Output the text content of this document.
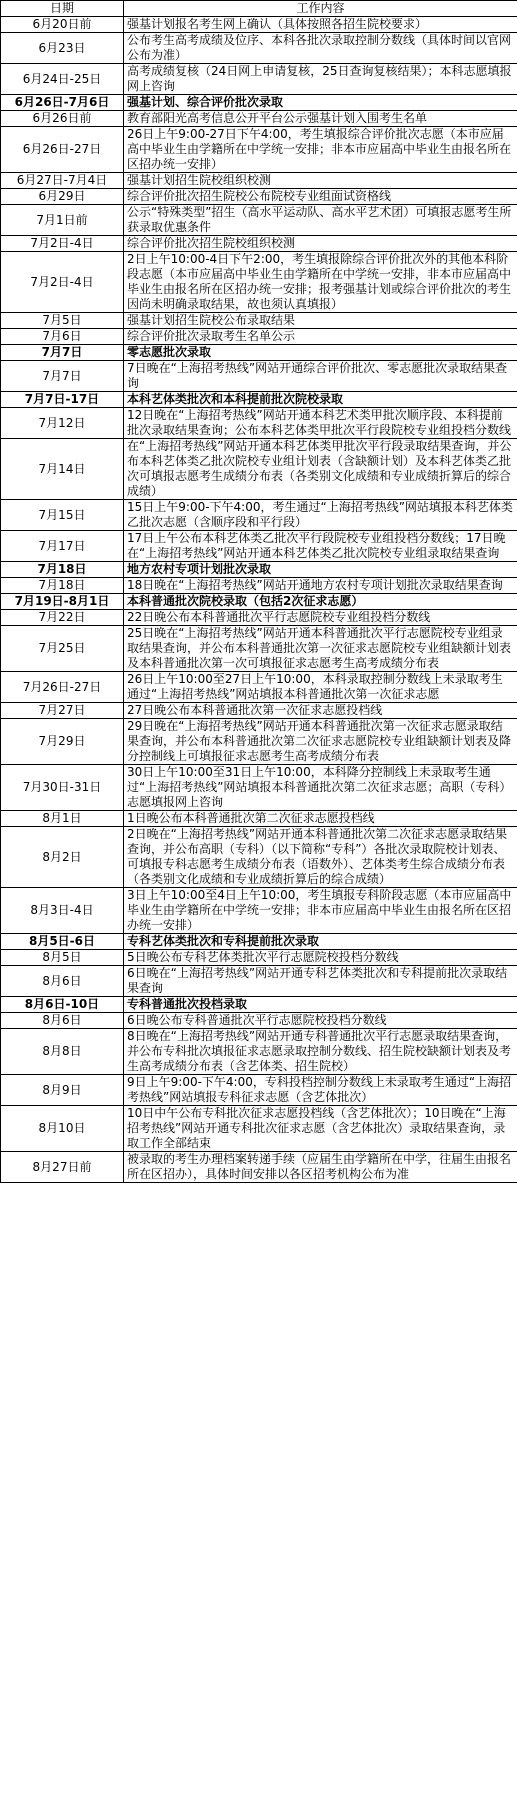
日期	工作内容
6月20日前	强基计划报名考生网上确认（具体按照各招生院校要求）
6月23日	公布考生高考成绩及位序、本科各批次录取控制分数线（具体时间以官网公布为准）
6月24日-25日	高考成绩复核（24日网上申请复核，25日查询复核结果）；本科志愿填报网上咨询
6月26日-7月6日	强基计划、综合评价批次录取
6月26日前	教育部阳光高考信息公开平台公示强基计划入围考生名单
6月26日-27日	26日上午9:00-27日下午4:00，考生填报综合评价批次志愿（本市应届高中毕业生由学籍所在中学统一安排；非本市应届高中毕业生由报名所在区招办统一安排）
6月27日-7月4日	强基计划招生院校组织校测
6月29日	综合评价批次招生院校公布院校专业组面试资格线
7月1日前	公示“特殊类型”招生（高水平运动队、高水平艺术团）可填报志愿考生所获录取优惠条件
7月2日-4日	综合评价批次招生院校组织校测
7月2日-4日	2日上午10:00-4日下午2:00，考生填报除综合评价批次外的其他本科阶段志愿（本市应届高中毕业生由学籍所在中学统一安排，非本市应届高中毕业生由报名所在区招办统一安排；报考强基计划或综合评价批次的考生因尚未明确录取结果，故也须认真填报）
7月5日	强基计划招生院校公布录取结果
7月6日	综合评价批次录取考生名单公示
7月7日	零志愿批次录取
7月7日	7日晚在“上海招考热线”网站开通综合评价批次、零志愿批次录取结果查询
7月7日-17日	本科艺体类批次和本科提前批次院校录取
7月12日	12日晚在“上海招考热线”网站开通本科艺术类甲批次顺序段、本科提前批次录取结果查询；公布本科艺体类甲批次平行段院校专业组投档分数线
7月14日	在“上海招考热线”网站开通本科艺体类甲批次平行段录取结果查询，并公布本科艺体类乙批次院校专业组计划表（含缺额计划）及本科艺体类乙批次可填报志愿考生成绩分布表（各类别文化成绩和专业成绩折算后的综合成绩）
7月15日	15日上午9:00-下午4:00，考生通过“上海招考热线”网站填报本科艺体类乙批次志愿（含顺序段和平行段）
7月17日	17日上午公布本科艺体类乙批次平行段院校专业组投档分数线；17日晚在“上海招考热线”网站开通本科艺体类乙批次院校专业组录取结果查询
7月18日	地方农村专项计划批次录取
7月18日	18日晚在“上海招考热线”网站开通地方农村专项计划批次录取结果查询
7月19日-8月1日	本科普通批次院校录取（包括2次征求志愿）
7月22日	22日晚公布本科普通批次平行志愿院校专业组投档分数线
7月25日	25日晚在“上海招考热线”网站开通本科普通批次平行志愿院校专业组录取结果查询，并公布本科普通批次第一次征求志愿院校专业组缺额计划表及本科普通批次第一次可填报征求志愿考生高考成绩分布表
7月26日-27日	26日上午10:00至27日上午10:00，本科录取控制分数线上未录取考生通过“上海招考热线”网站填报本科普通批次第一次征求志愿
7月27日	27日晚公布本科普通批次第一次征求志愿投档线
7月29日	29日晚在“上海招考热线”网站开通本科普通批次第一次征求志愿录取结果查询，并公布本科普通批次第二次征求志愿院校专业组缺额计划表及降分控制线上可填报征求志愿考生高考成绩分布表
7月30日-31日	30日上午10:00至31日上午10:00，本科降分控制线上未录取考生通过“上海招考热线”网站填报本科普通批次第二次征求志愿；高职（专科）志愿填报网上咨询
8月1日	1日晚公布本科普通批次第二次征求志愿投档线
8月2日	2日晚在“上海招考热线”网站开通本科普通批次第二次征求志愿录取结果查询，并公布高职（专科）（以下简称“专科”）各批次录取院校计划表、可填报专科志愿考生成绩分布表（语数外）、艺体类考生综合成绩分布表（各类别文化成绩和专业成绩折算后的综合成绩）
8月3日-4日	3日上午10:00至4日上午10:00，考生填报专科阶段志愿（本市应届高中毕业生由学籍所在中学统一安排；非本市应届高中毕业生由报名所在区招办统一安排）
8月5日-6日	专科艺体类批次和专科提前批次录取
8月5日	5日晚公布专科艺体类批次平行志愿院校投档分数线
8月6日	6日晚在“上海招考热线”网站开通专科艺体类批次和专科提前批次录取结果查询
8月6日-10日	专科普通批次投档录取
8月6日	6日晚公布专科普通批次平行志愿院校投档分数线
8月8日	8日晚在“上海招考热线”网站开通专科普通批次平行志愿录取结果查询，并公布专科批次填报征求志愿录取控制分数线、招生院校缺额计划表及考生高考成绩分布表（含艺体类、招生院校）
8月9日	9日上午9:00-下午4:00，专科投档控制分数线上未录取考生通过“上海招考热线”网站填报专科征求志愿（含艺体批次）
8月10日	10日中午公布专科批次征求志愿投档线（含艺体批次）；10日晚在“上海招考热线”网站开通专科批次征求志愿（含艺体批次）录取结果查询，录取工作全部结束
8月27日前	被录取的考生办理档案转递手续（应届生由学籍所在中学，往届生由报名所在区招办），具体时间安排以各区招考机构公布为准
